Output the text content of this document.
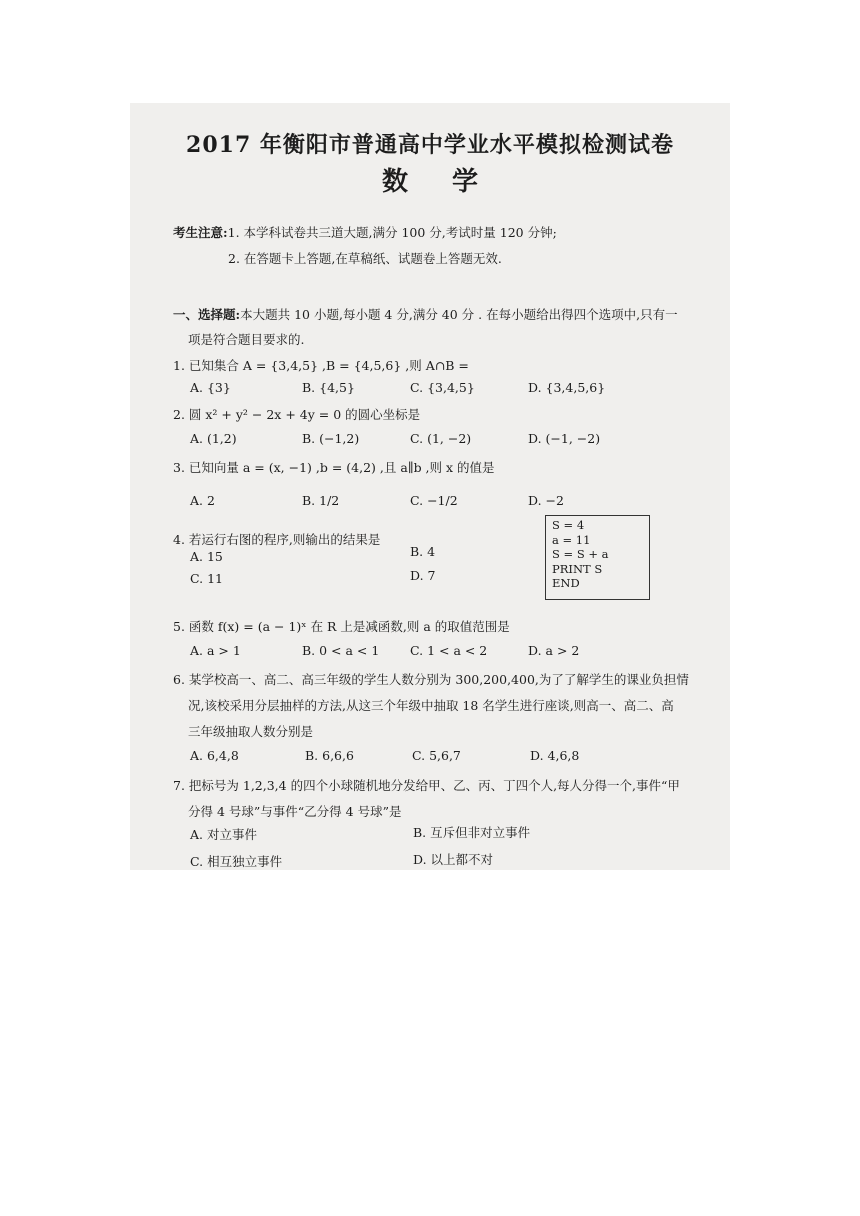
2017 年衡阳市普通高中学业水平模拟检测试卷
数学
考生注意:1. 本学科试卷共三道大题,满分 100 分,考试时量 120 分钟;
2. 在答题卡上答题,在草稿纸、试题卷上答题无效.
一、选择题:本大题共 10 小题,每小题 4 分,满分 40 分 . 在每小题给出得四个选项中,只有一
项是符合题目要求的.
1. 已知集合 A = {3,4,5} ,B = {4,5,6} ,则 A∩B =
A. {3}	B. {4,5}	C. {3,4,5}	D. {3,4,5,6}
2. 圆 x² + y² − 2x + 4y = 0 的圆心坐标是
A. (1,2)	B. (−1,2)	C. (1, −2)	D. (−1, −2)
3. 已知向量 a = (x, −1) ,b = (4,2) ,且 a∥b ,则 x 的值是
A. 2	B. 1/2	C. −1/2	D. −2
4. 若运行右图的程序,则输出的结果是
A. 15	B. 4
C. 11	D. 7
S = 4
a = 11
S = S + a
PRINT S
END
5. 函数 f(x) = (a − 1)ˣ 在 R 上是减函数,则 a 的取值范围是
A. a > 1	B. 0 < a < 1 C. 1 < a < 2	D. a > 2
6. 某学校高一、高二、高三年级的学生人数分别为 300,200,400,为了了解学生的课业负担情
况,该校采用分层抽样的方法,从这三个年级中抽取 18 名学生进行座谈,则高一、高二、高
三年级抽取人数分别是
A. 6,4,8	B. 6,6,6	C. 5,6,7	D. 4,6,8
7. 把标号为 1,2,3,4 的四个小球随机地分发给甲、乙、丙、丁四个人,每人分得一个,事件“甲
分得 4 号球”与事件“乙分得 4 号球”是
A. 对立事件	B. 互斥但非对立事件
C. 相互独立事件	D. 以上都不对
